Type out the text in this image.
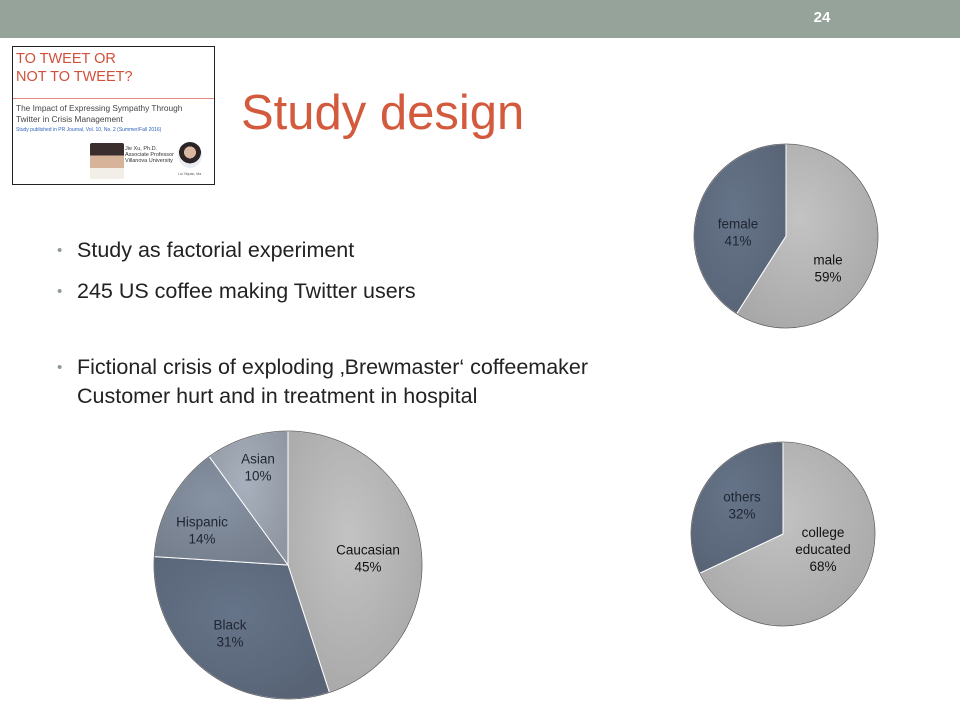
24
TO TWEET OR
NOT TO TWEET?
The Impact of Expressing Sympathy Through
Twitter in Crisis Management
Study published in PR Journal, Vol. 10, No. 2 (Summer/Fall 2016)
Jie Xu, Ph.D.
Associate Professor
Villanova University
Liu Yiquan, Ma
Study design
• Study as factorial experiment
• 245 US coffee making Twitter users
• Fictional crisis of exploding ‚Brewmaster‘ coffeemaker
Customer hurt and in treatment in hospital
male 59%
female 41%
Caucasian 45%
Black 31%
Hispanic 14%
Asian 10%
college educated 68%
others 32%
